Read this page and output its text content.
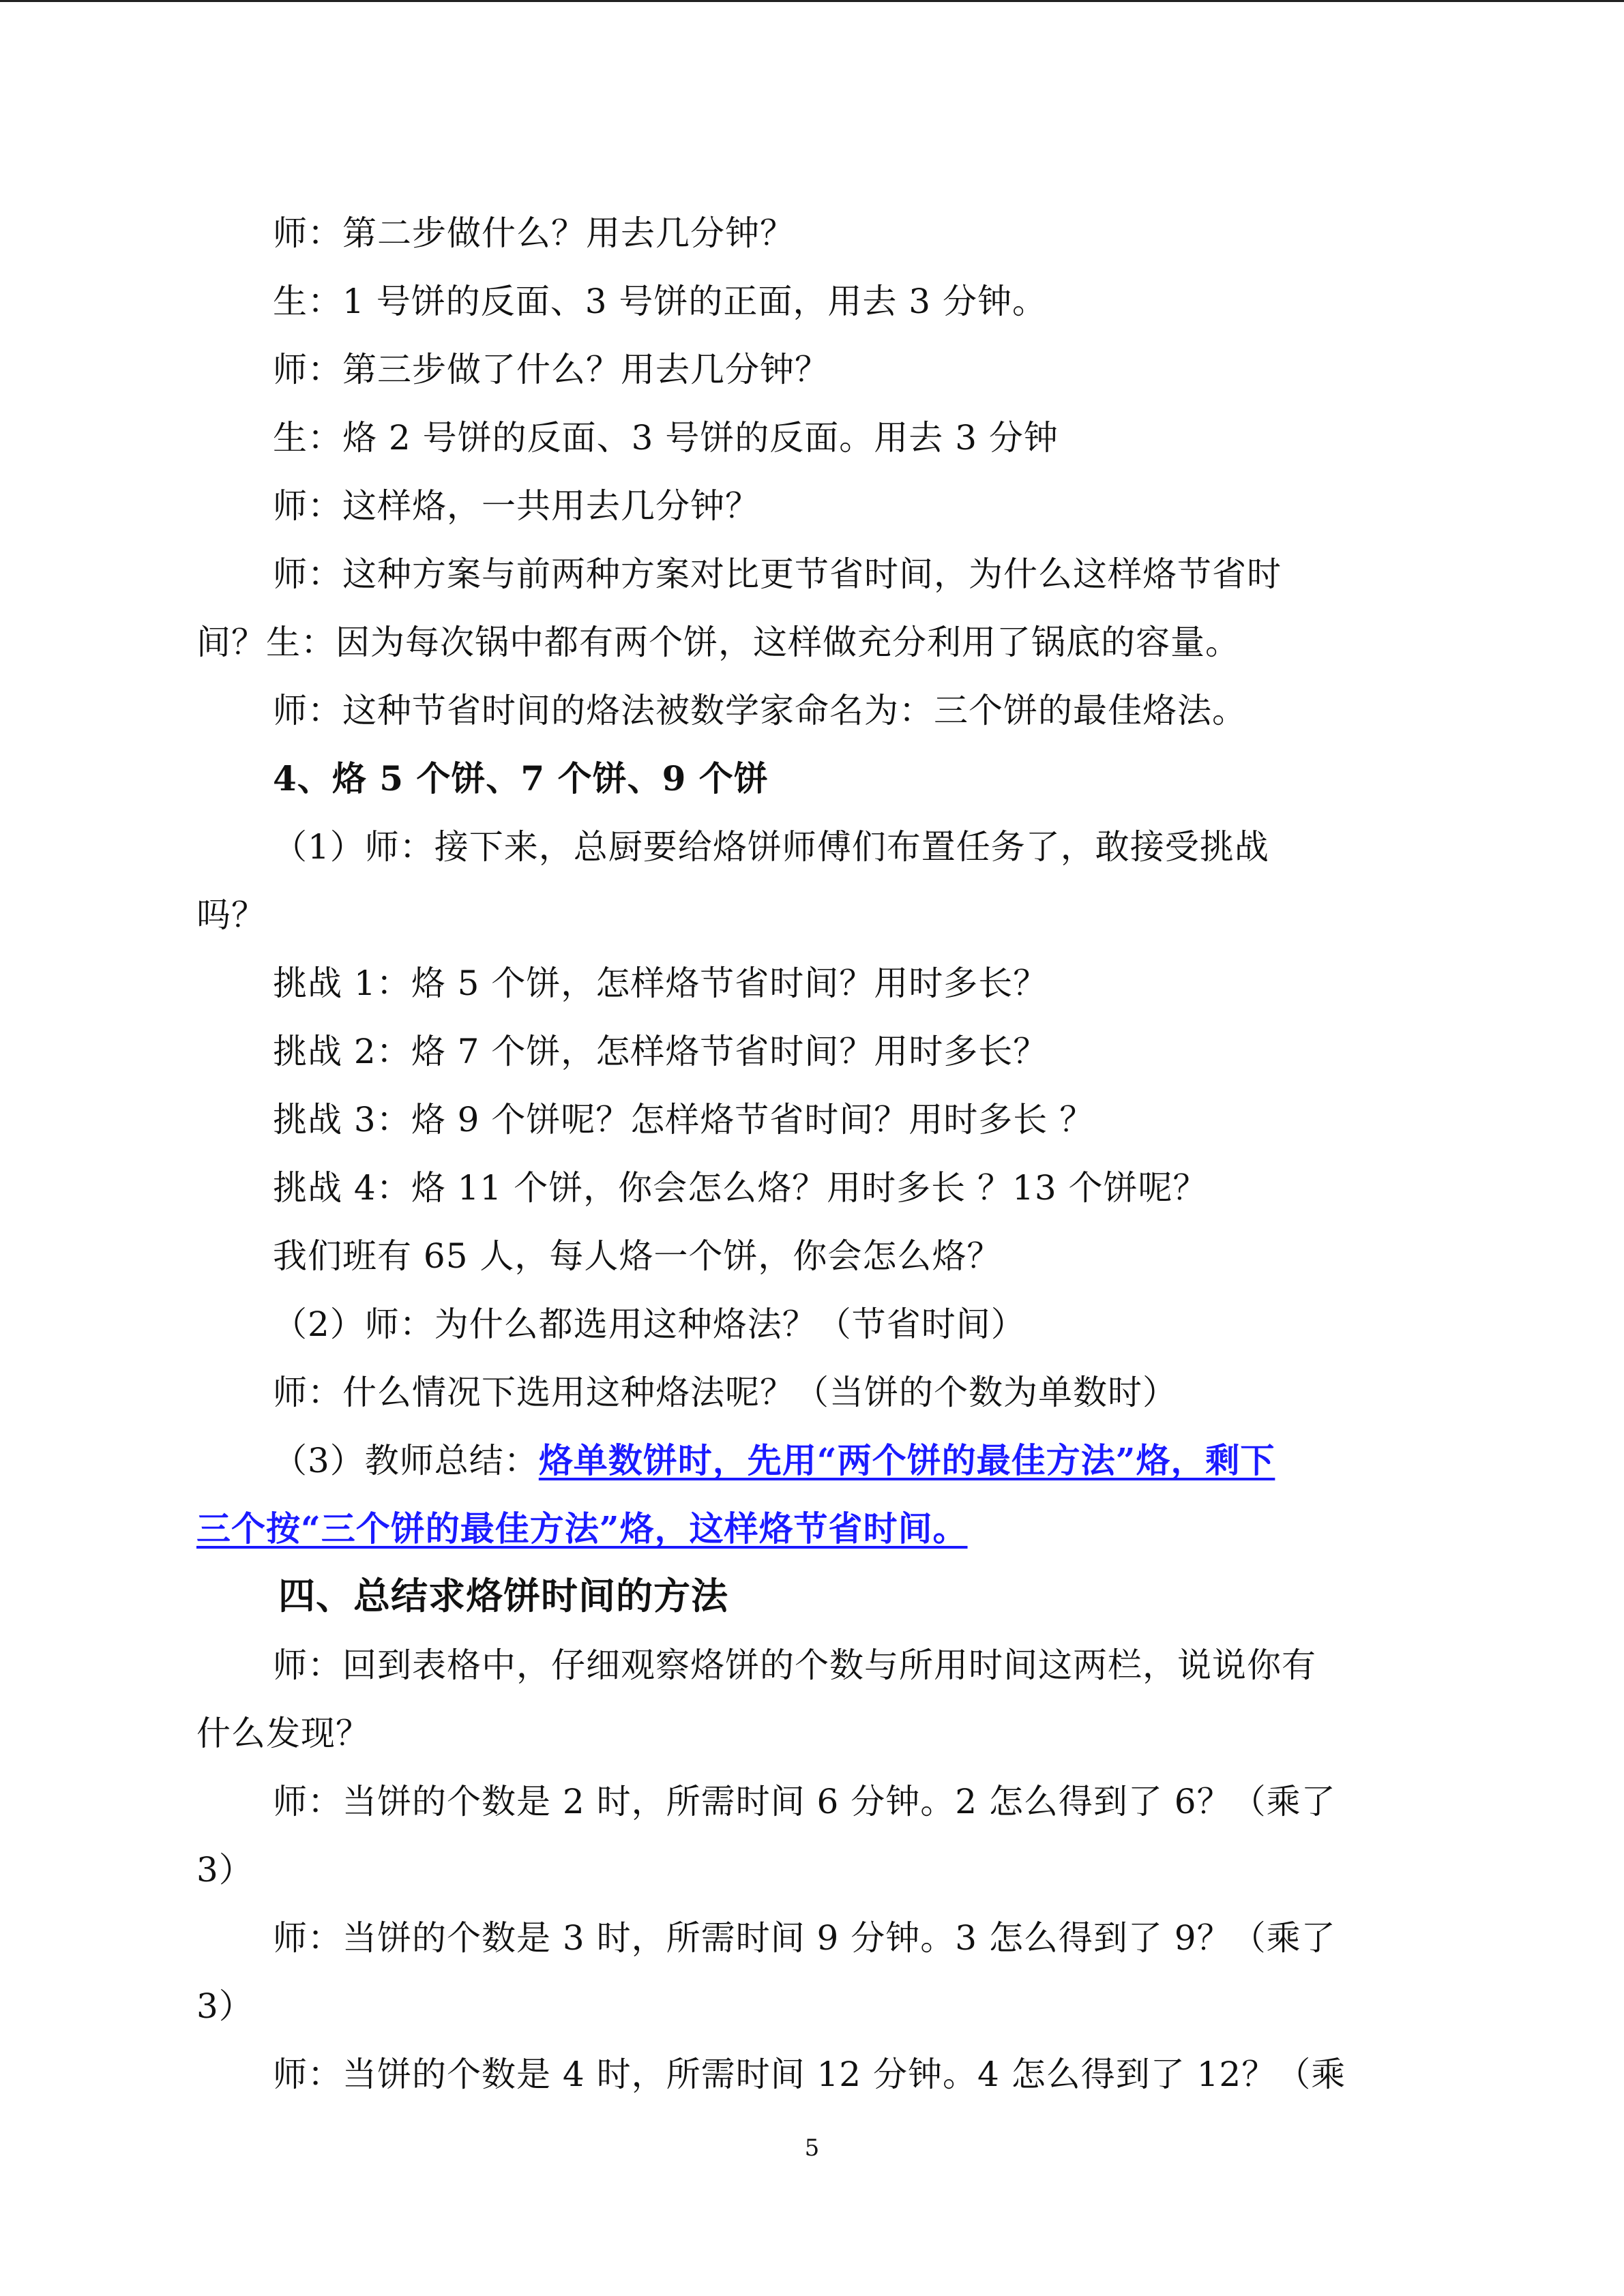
师：第二步做什么？用去几分钟？
生：1 号饼的反面、3 号饼的正面，用去 3 分钟。
师：第三步做了什么？用去几分钟？
生：烙 2 号饼的反面、3 号饼的反面。用去 3 分钟
师：这样烙，一共用去几分钟？
师：这种方案与前两种方案对比更节省时间，为什么这样烙节省时
间？生：因为每次锅中都有两个饼，这样做充分利用了锅底的容量。
师：这种节省时间的烙法被数学家命名为：三个饼的最佳烙法。
4、烙 5 个饼、7 个饼、9 个饼
（1）师：接下来，总厨要给烙饼师傅们布置任务了，敢接受挑战
吗？
挑战 1：烙 5 个饼，怎样烙节省时间？用时多长？
挑战 2：烙 7 个饼，怎样烙节省时间？用时多长？
挑战 3：烙 9 个饼呢？怎样烙节省时间？用时多长 ？
挑战 4：烙 11 个饼，你会怎么烙？用时多长 ？13 个饼呢？
我们班有 65 人，每人烙一个饼，你会怎么烙？
（2）师：为什么都选用这种烙法？（节省时间）
师：什么情况下选用这种烙法呢？（当饼的个数为单数时）
（3）教师总结：烙单数饼时，先用“两个饼的最佳方法”烙，剩下
三个按“三个饼的最佳方法”烙，这样烙节省时间。
四、总结求烙饼时间的方法
师：回到表格中，仔细观察烙饼的个数与所用时间这两栏，说说你有
什么发现？
师：当饼的个数是 2 时，所需时间 6 分钟。2 怎么得到了 6？（乘了
3）
师：当饼的个数是 3 时，所需时间 9 分钟。3 怎么得到了 9？（乘了
3）
师：当饼的个数是 4 时，所需时间 12 分钟。4 怎么得到了 12？（乘
5
